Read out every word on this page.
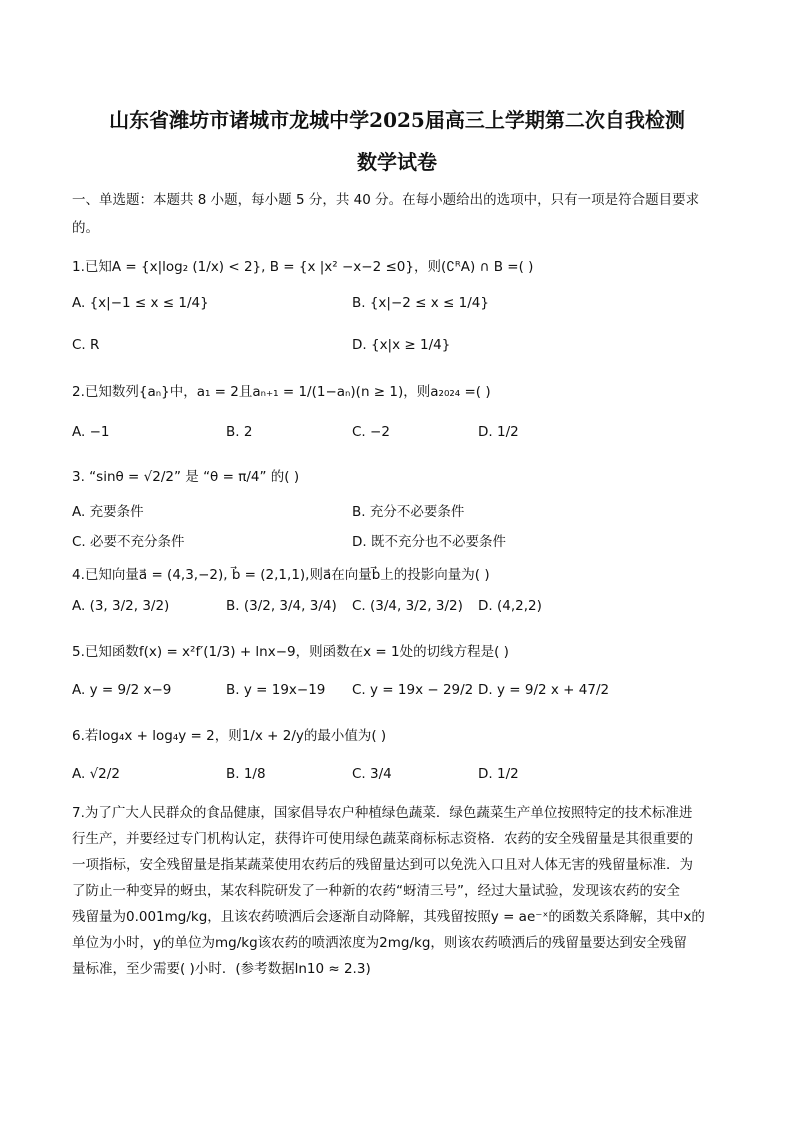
山东省潍坊市诸城市龙城中学2025届高三上学期第二次自我检测
数学试卷
一、单选题：本题共 8 小题，每小题 5 分，共 40 分。在每小题给出的选项中，只有一项是符合题目要求
的。
1.已知A = {x|log₂ (1/x) < 2}, B = {x |x² −x−2 ≤0}，则(∁ᴿA) ∩ B =( )
A. {x|−1 ≤ x ≤ 1/4}	B. {x|−2 ≤ x ≤ 1/4}
C. R	D. {x|x ≥ 1/4}
2.已知数列{aₙ}中，a₁ = 2且aₙ₊₁ = 1/(1−aₙ)(n ≥ 1)，则a₂₀₂₄ =( )
A. −1	B. 2	C. −2	D. 1/2
3. “sinθ = √2/2” 是 “θ = π/4” 的( )
A. 充要条件	B. 充分不必要条件
C. 必要不充分条件	D. 既不充分也不必要条件
4.已知向量a⃗ = (4,3,−2), b⃗ = (2,1,1),则a⃗在向量b⃗上的投影向量为( )
A. (3, 3/2, 3/2)	B. (3/2, 3/4, 3/4) C. (3/4, 3/2, 3/2) D. (4,2,2)
5.已知函数f(x) = x²f′(1/3) + lnx−9，则函数在x = 1处的切线方程是( )
A. y = 9/2 x−9	B. y = 19x−19 C. y = 19x − 29/2 D. y = 9/2 x + 47/2
6.若log₄x + log₄y = 2，则1/x + 2/y的最小值为( )
A. √2/2	B. 1/8	C. 3/4	D. 1/2
7.为了广大人民群众的食品健康，国家倡导农户种植绿色蔬菜．绿色蔬菜生产单位按照特定的技术标准进
行生产，并要经过专门机构认定，获得许可使用绿色蔬菜商标标志资格．农药的安全残留量是其很重要的
一项指标，安全残留量是指某蔬菜使用农药后的残留量达到可以免洗入口且对人体无害的残留量标准．为
了防止一种变异的蚜虫，某农科院研发了一种新的农药“蚜清三号”，经过大量试验，发现该农药的安全
残留量为0.001mg/kg，且该农药喷洒后会逐渐自动降解，其残留按照y = ae⁻ˣ的函数关系降解，其中x的
单位为小时，y的单位为mg/kg该农药的喷洒浓度为2mg/kg，则该农药喷洒后的残留量要达到安全残留
量标准，至少需要( )小时．(参考数据ln10 ≈ 2.3)
